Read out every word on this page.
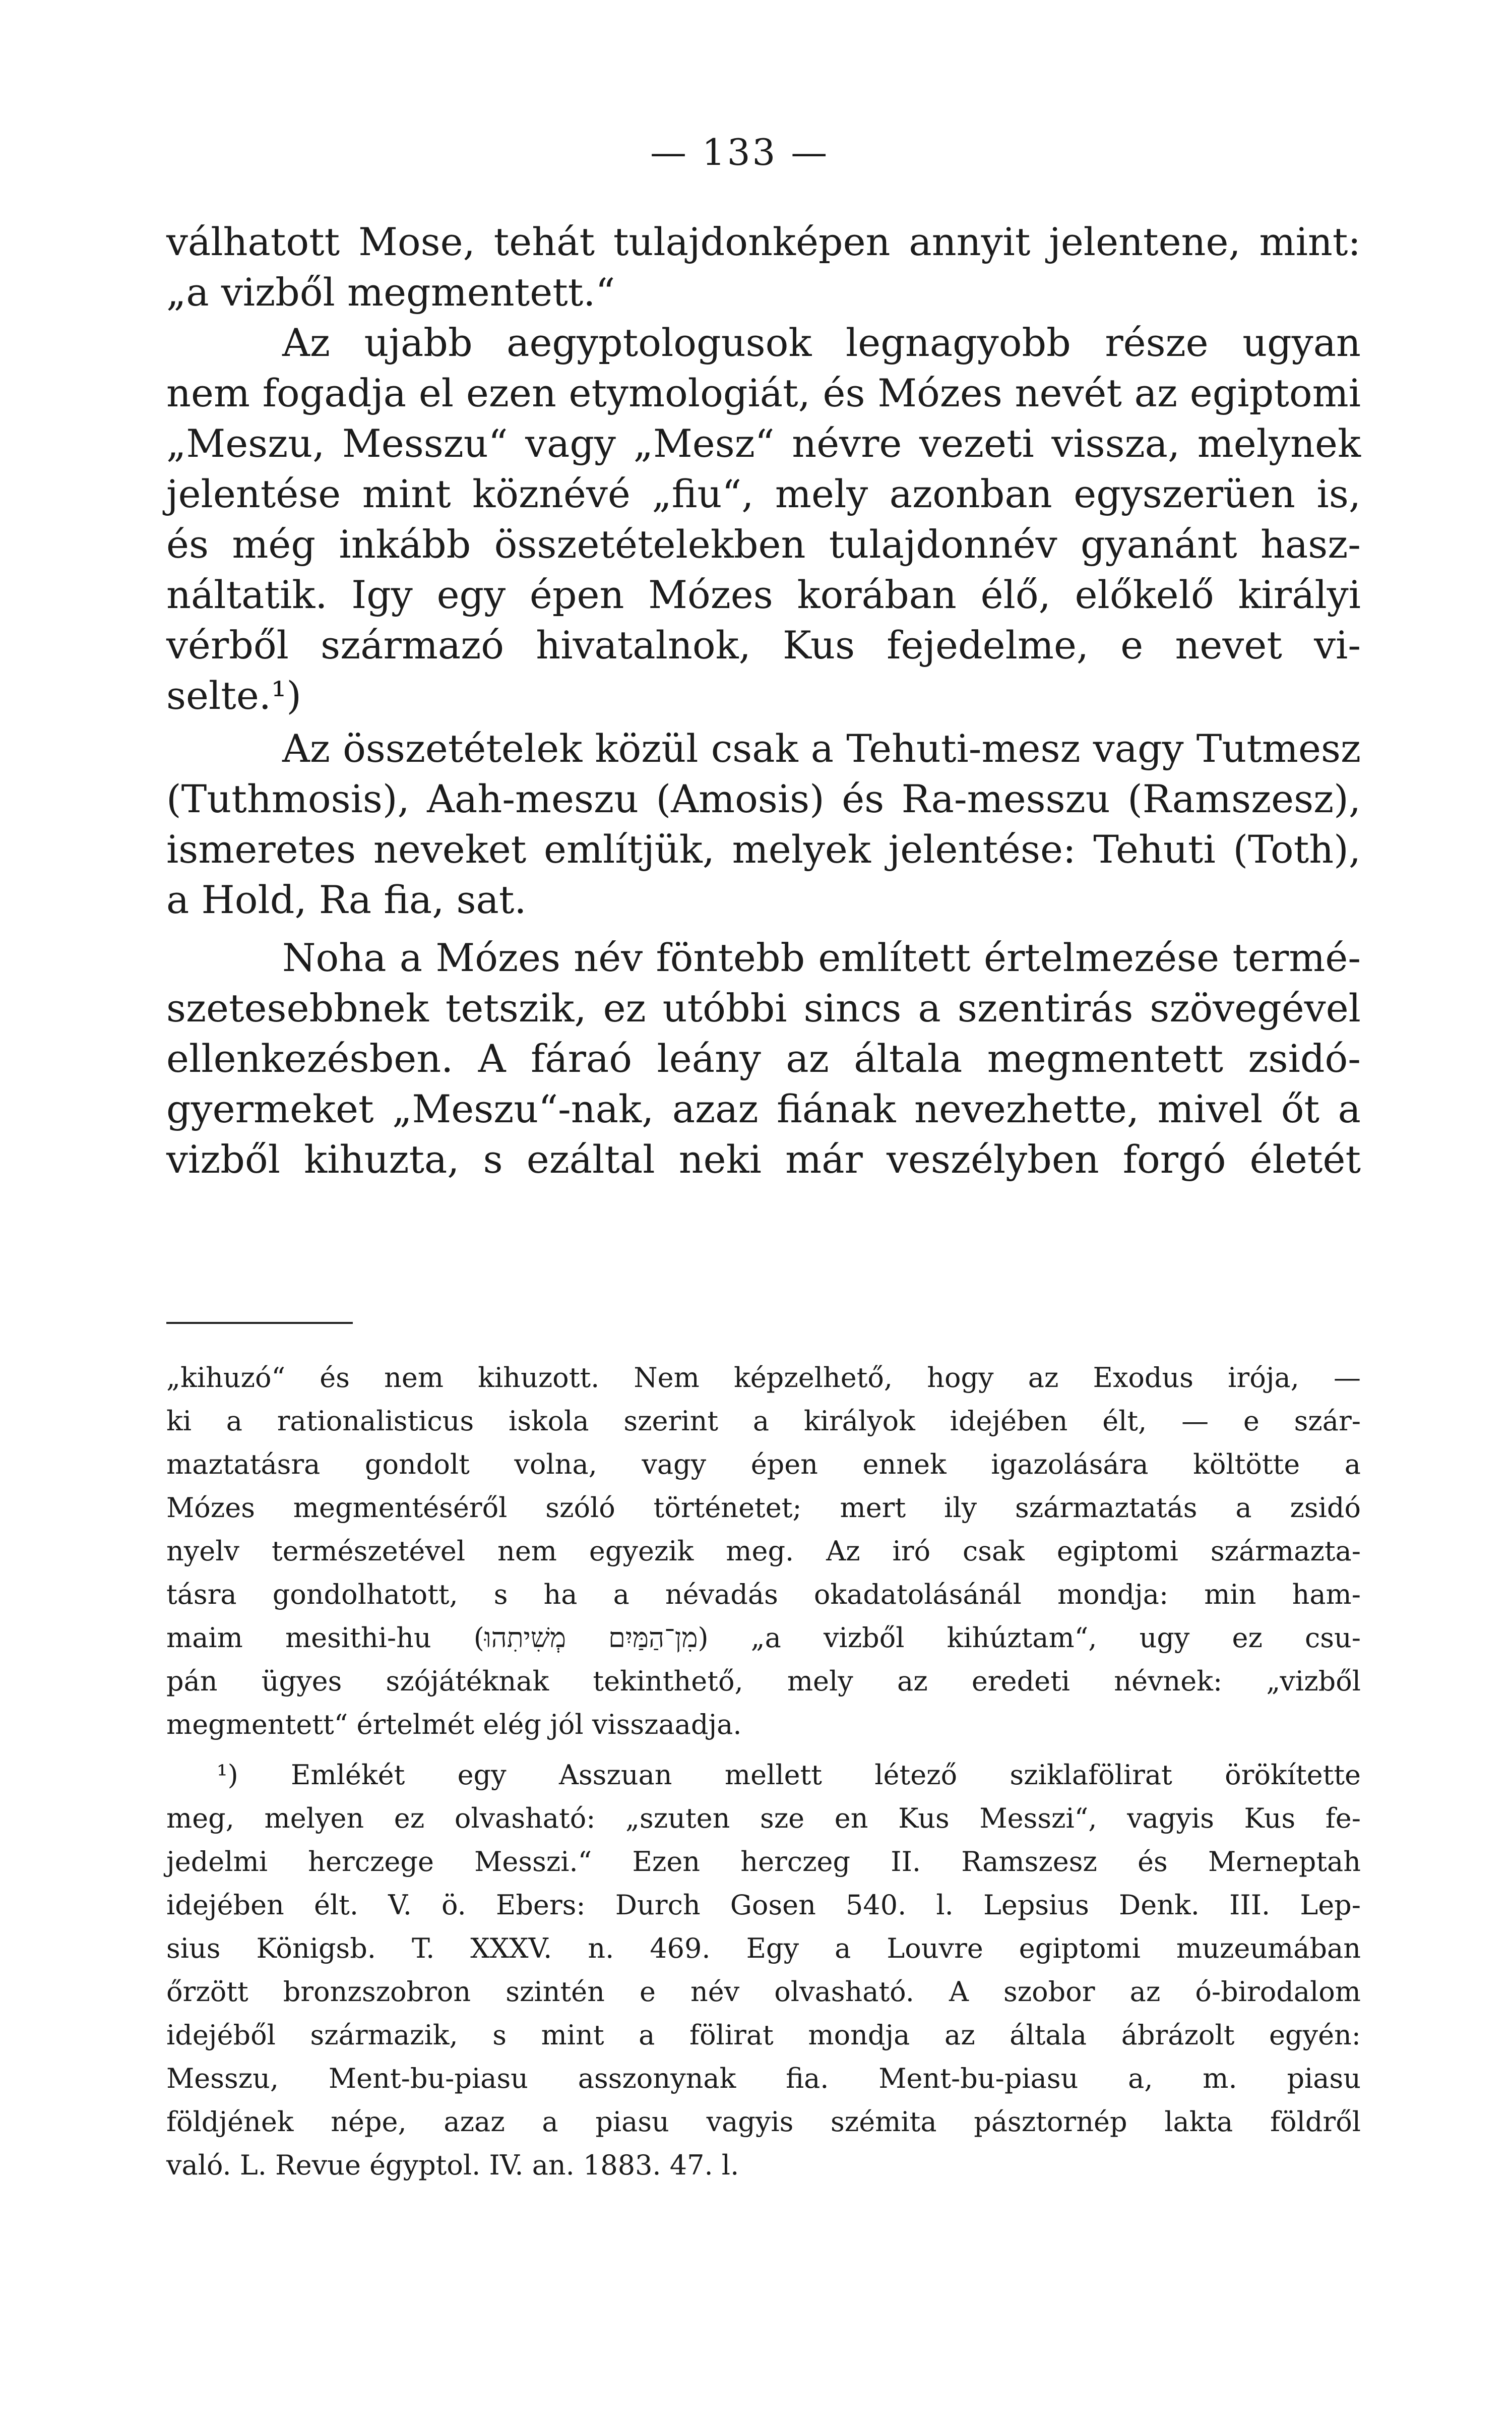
— 133 —
válhatott Mose, tehát tulajdonképen annyit jelentene, mint:
„a vizből megmentett.“
Az ujabb aegyptologusok legnagyobb része ugyan
nem fogadja el ezen etymologiát, és Mózes nevét az egiptomi
„Meszu, Messzu“ vagy „Mesz“ névre vezeti vissza, melynek
jelentése mint köznévé „fiu“, mely azonban egyszerüen is,
és még inkább összetételekben tulajdonnév gyanánt hasz-
náltatik. Igy egy épen Mózes korában élő, előkelő királyi
vérből származó hivatalnok, Kus fejedelme, e nevet vi-
selte.¹)
Az összetételek közül csak a Tehuti-mesz vagy Tutmesz
(Tuthmosis), Aah-meszu (Amosis) és Ra-messzu (Ramszesz),
ismeretes neveket említjük, melyek jelentése: Tehuti (Toth),
a Hold, Ra fia, sat.
Noha a Mózes név föntebb említett értelmezése termé-
szetesebbnek tetszik, ez utóbbi sincs a szentirás szövegével
ellenkezésben. A fáraó leány az általa megmentett zsidó-
gyermeket „Meszu“-nak, azaz fiának nevezhette, mivel őt a
vizből kihuzta, s ezáltal neki már veszélyben forgó életét
„kihuzó“ és nem kihuzott. Nem képzelhető, hogy az Exodus irója, —
ki a rationalisticus iskola szerint a királyok idejében élt, — e szár-
maztatásra gondolt volna, vagy épen ennek igazolására költötte a
Mózes megmentéséről szóló történetet; mert ily származtatás a zsidó
nyelv természetével nem egyezik meg. Az iró csak egiptomi származta-
tásra gondolhatott, s ha a névadás okadatolásánál mondja: min ham-
maim mesithi-hu (מִן־הַמַּיִם מְשִׁיתִהוּ) „a vizből kihúztam“, ugy ez csu-
pán ügyes szójátéknak tekinthető, mely az eredeti névnek: „vizből
megmentett“ értelmét elég jól visszaadja.
¹) Emlékét egy Asszuan mellett létező sziklafölirat örökítette
meg, melyen ez olvasható: „szuten sze en Kus Messzi“, vagyis Kus fe-
jedelmi herczege Messzi.“ Ezen herczeg II. Ramszesz és Merneptah
idejében élt. V. ö. Ebers: Durch Gosen 540. l. Lepsius Denk. III. Lep-
sius Königsb. T. XXXV. n. 469. Egy a Louvre egiptomi muzeumában
őrzött bronzszobron szintén e név olvasható. A szobor az ó-birodalom
idejéből származik, s mint a fölirat mondja az általa ábrázolt egyén:
Messzu, Ment-bu-piasu asszonynak fia. Ment-bu-piasu a, m. piasu
földjének népe, azaz a piasu vagyis szémita pásztornép lakta földről
való. L. Revue égyptol. IV. an. 1883. 47. l.
